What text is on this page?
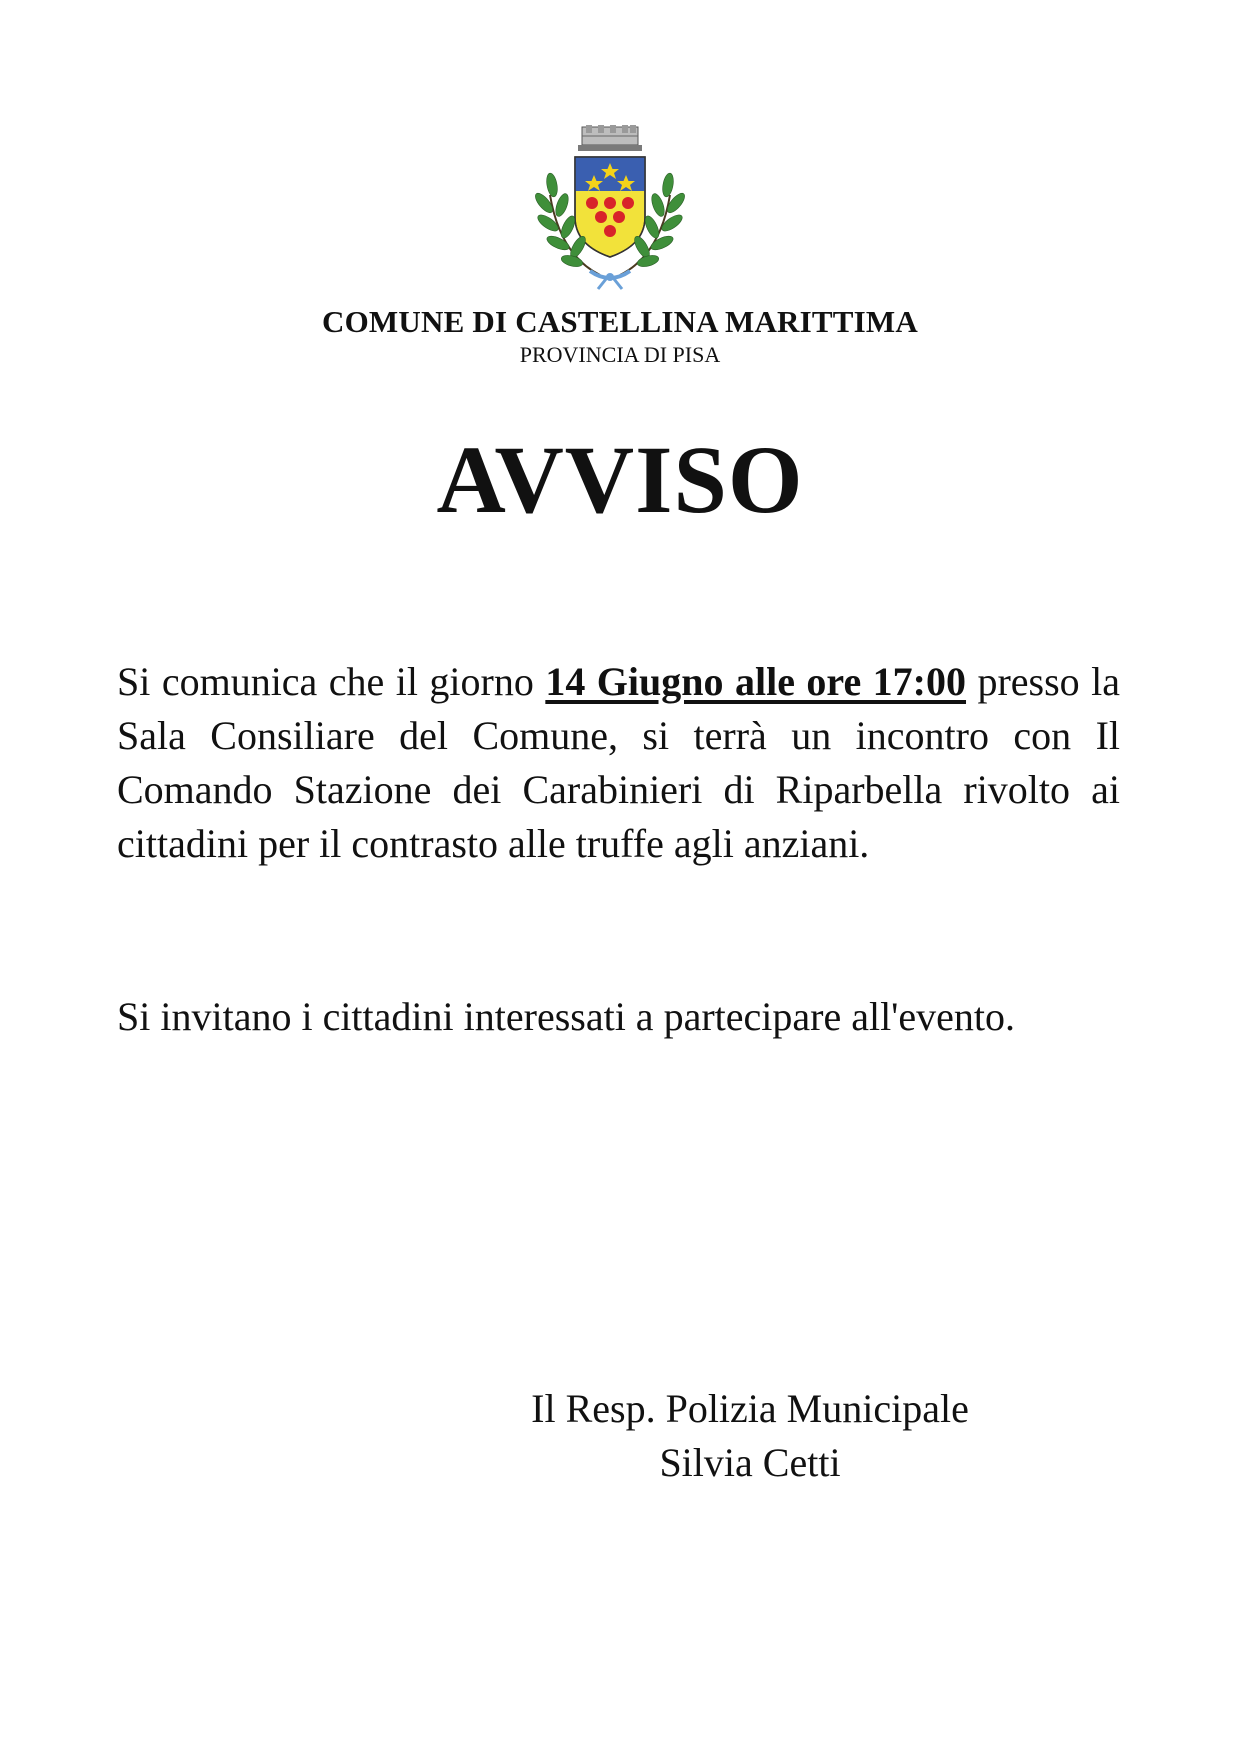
COMUNE DI CASTELLINA MARITTIMA
PROVINCIA DI PISA
AVVISO

Si comunica che il giorno 14 Giugno alle ore 17:00 presso la Sala Consiliare del Comune, si terrà un incontro con Il Comando Stazione dei Carabinieri di Riparbella rivolto ai cittadini per il contrasto alle truffe agli anziani.

Si invitano i cittadini interessati a partecipare all'evento.

Il Resp. Polizia Municipale
Silvia Cetti
